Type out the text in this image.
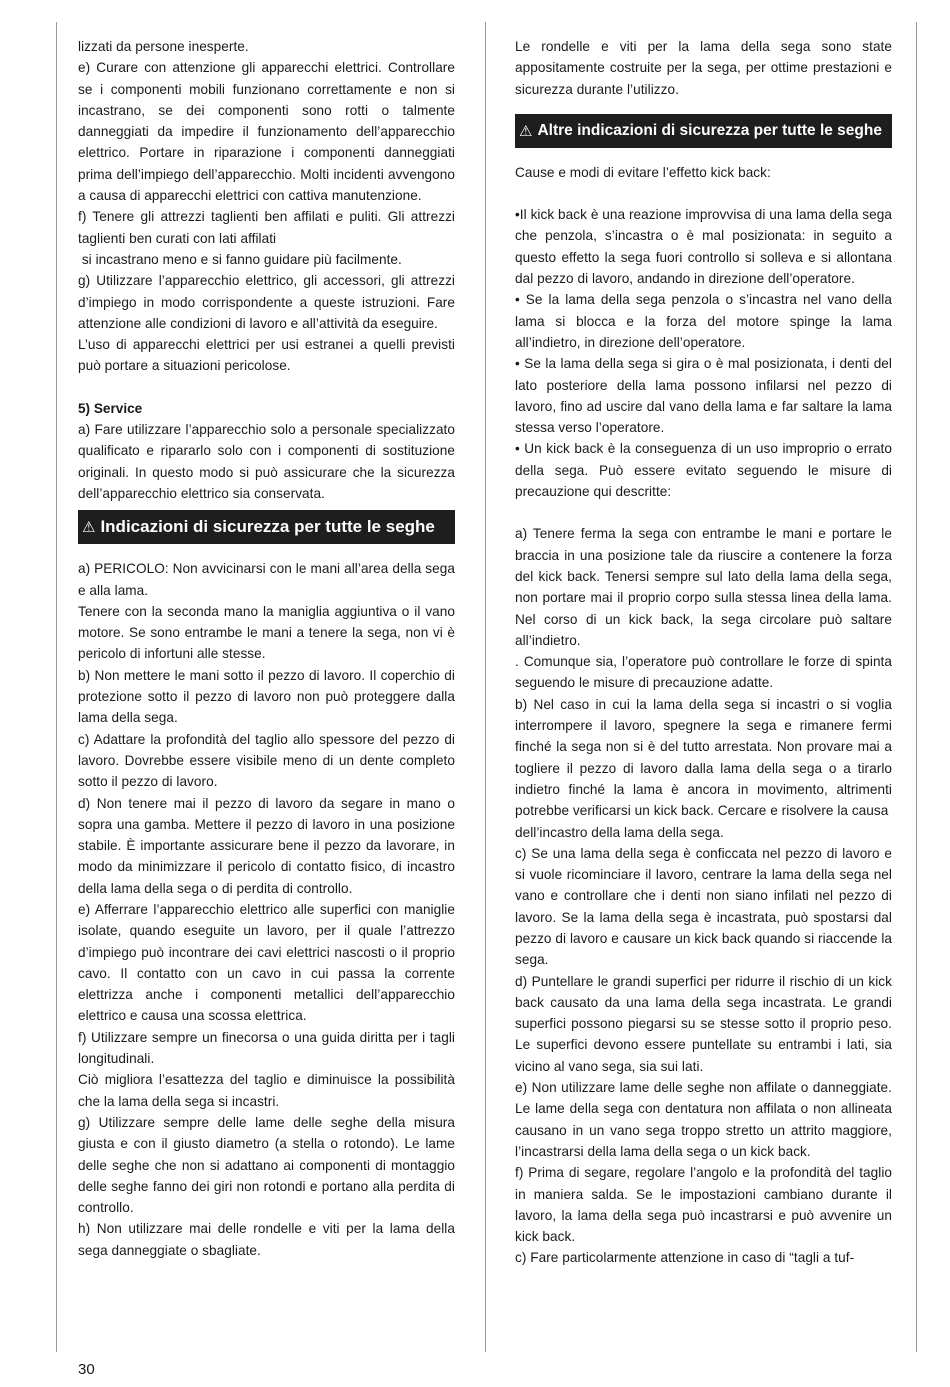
lizzati da persone inesperte.

e) Curare con attenzione gli apparecchi elettrici. Controllare se i componenti mobili funzionano correttamente e non si incastrano, se dei componenti sono rotti o talmente danneggiati da impedire il funzionamento dell’apparecchio elettrico. Portare in riparazione i componenti danneggiati prima dell’impiego dell’apparecchio. Molti incidenti avvengono a causa di apparecchi elettrici con cattiva manutenzione.

f) Tenere gli attrezzi taglienti ben affilati e puliti. Gli attrezzi taglienti ben curati con lati affilati

si incastrano meno e si fanno guidare più facilmente.

g) Utilizzare l’apparecchio elettrico, gli accessori, gli attrezzi d’impiego in modo corrispondente a queste istruzioni. Fare attenzione alle condizioni di lavoro e all’attività da eseguire.

L’uso di apparecchi elettrici per usi estranei a quelli previsti può portare a situazioni pericolose.

5) Service

a) Fare utilizzare l’apparecchio solo a personale specializzato qualificato e ripararlo solo con i componenti di sostituzione originali. In questo modo si può assicurare che la sicurezza dell’apparecchio elettrico sia conservata.

⚠ Indicazioni di sicurezza per tutte le seghe

a) PERICOLO: Non avvicinarsi con le mani all’area della sega e alla lama.

Tenere con la seconda mano la maniglia aggiuntiva o il vano motore. Se sono entrambe le mani a tenere la sega, non vi è pericolo di infortuni alle stesse.

b) Non mettere le mani sotto il pezzo di lavoro. Il coperchio di protezione sotto il pezzo di lavoro non può proteggere dalla lama della sega.

c) Adattare la profondità del taglio allo spessore del pezzo di lavoro. Dovrebbe essere visibile meno di un dente completo sotto il pezzo di lavoro.

d) Non tenere mai il pezzo di lavoro da segare in mano o sopra una gamba. Mettere il pezzo di lavoro in una posizione stabile. È importante assicurare bene il pezzo da lavorare, in modo da minimizzare il pericolo di contatto fisico, di incastro della lama della sega o di perdita di controllo.

e) Afferrare l’apparecchio elettrico alle superfici con maniglie isolate, quando eseguite un lavoro, per il quale l’attrezzo d’impiego può incontrare dei cavi elettrici nascosti o il proprio cavo. Il contatto con un cavo in cui passa la corrente elettrizza anche i componenti metallici dell’apparecchio elettrico e causa una scossa elettrica.

f) Utilizzare sempre un finecorsa o una guida diritta per i tagli longitudinali.

Ciò migliora l’esattezza del taglio e diminuisce la possibilità che la lama della sega si incastri.

g) Utilizzare sempre delle lame delle seghe della misura giusta e con il giusto diametro (a stella o rotondo). Le lame delle seghe che non si adattano ai componenti di montaggio delle seghe fanno dei giri non rotondi e portano alla perdita di controllo.

h) Non utilizzare mai delle rondelle e viti per la lama della sega danneggiate o sbagliate.

Le rondelle e viti per la lama della sega sono state appositamente costruite per la sega, per ottime prestazioni e sicurezza durante l’utilizzo.

⚠ Altre indicazioni di sicurezza per tutte le seghe

Cause e modi di evitare l’effetto kick back:

•Il kick back è una reazione improvvisa di una lama della sega che penzola, s’incastra o è mal posizionata: in seguito a questo effetto la sega fuori controllo si solleva e si allontana dal pezzo di lavoro, andando in direzione dell’operatore.

• Se la lama della sega penzola o s’incastra nel vano della lama si blocca e la forza del motore spinge la lama all’indietro, in direzione dell’operatore.

• Se la lama della sega si gira o è mal posizionata, i denti del lato posteriore della lama possono infilarsi nel pezzo di lavoro, fino ad uscire dal vano della lama e far saltare la lama stessa verso l’operatore.

• Un kick back è la conseguenza di un uso improprio o errato della sega. Può essere evitato seguendo le misure di precauzione qui descritte:

a) Tenere ferma la sega con entrambe le mani e portare le braccia in una posizione tale da riuscire a contenere la forza del kick back. Tenersi sempre sul lato della lama della sega, non portare mai il proprio corpo sulla stessa linea della lama. Nel corso di un kick back, la sega circolare può saltare all’indietro.

. Comunque sia, l’operatore può controllare le forze di spinta seguendo le misure di precauzione adatte.

b) Nel caso in cui la lama della sega si incastri o si voglia interrompere il lavoro, spegnere la sega e rimanere fermi finché la sega non si è del tutto arrestata. Non provare mai a togliere il pezzo di lavoro dalla lama della sega o a tirarlo indietro finché la lama è ancora in movimento, altrimenti potrebbe verificarsi un kick back. Cercare e risolvere la causa

dell’incastro della lama della sega.

c) Se una lama della sega è conficcata nel pezzo di lavoro e si vuole ricominciare il lavoro, centrare la lama della sega nel vano e controllare che i denti non siano infilati nel pezzo di lavoro. Se la lama della sega è incastrata, può spostarsi dal pezzo di lavoro e causare un kick back quando si riaccende la sega.

d) Puntellare le grandi superfici per ridurre il rischio di un kick back causato da una lama della sega incastrata. Le grandi superfici possono piegarsi su se stesse sotto il proprio peso. Le superfici devono essere puntellate su entrambi i lati, sia vicino al vano sega, sia sui lati.

e) Non utilizzare lame delle seghe non affilate o danneggiate. Le lame della sega con dentatura non affilata o non allineata causano in un vano sega troppo stretto un attrito maggiore, l’incastrarsi della lama della sega o un kick back.

f) Prima di segare, regolare l’angolo e la profondità del taglio in maniera salda. Se le impostazioni cambiano durante il lavoro, la lama della sega può incastrarsi e può avvenire un kick back.

c) Fare particolarmente attenzione in caso di “tagli a tuf-

30
